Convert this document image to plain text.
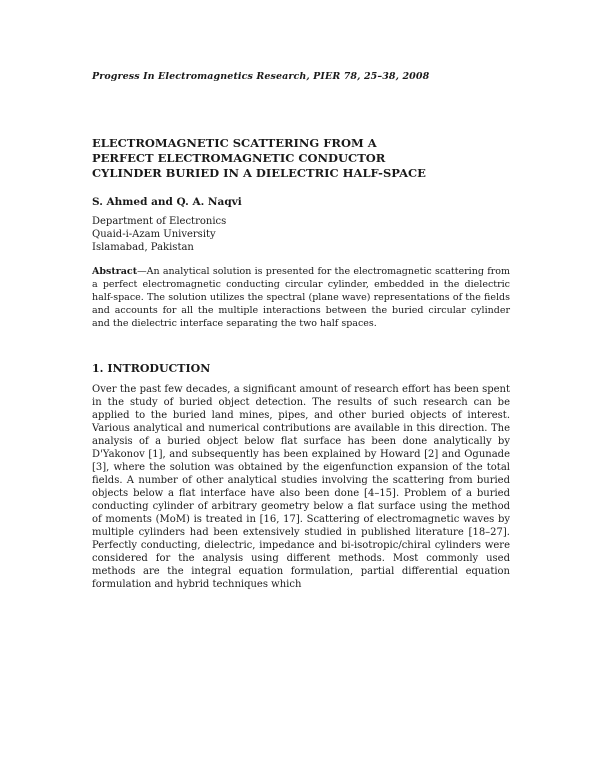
Progress In Electromagnetics Research, PIER 78, 25–38, 2008
ELECTROMAGNETIC SCATTERING FROM A
PERFECT ELECTROMAGNETIC CONDUCTOR
CYLINDER BURIED IN A DIELECTRIC HALF-SPACE
S. Ahmed and Q. A. Naqvi
Department of Electronics
Quaid-i-Azam University
Islamabad, Pakistan
Abstract—An analytical solution is presented for the electromagnetic scattering from a perfect electromagnetic conducting circular cylinder, embedded in the dielectric half-space. The solution utilizes the spectral (plane wave) representations of the fields and accounts for all the multiple interactions between the buried circular cylinder and the dielectric interface separating the two half spaces.
1. INTRODUCTION
Over the past few decades, a significant amount of research effort has been spent in the study of buried object detection. The results of such research can be applied to the buried land mines, pipes, and other buried objects of interest. Various analytical and numerical contributions are available in this direction. The analysis of a buried object below flat surface has been done analytically by D'Yakonov [1], and subsequently has been explained by Howard [2] and Ogunade [3], where the solution was obtained by the eigenfunction expansion of the total fields. A number of other analytical studies involving the scattering from buried objects below a flat interface have also been done [4–15]. Problem of a buried conducting cylinder of arbitrary geometry below a flat surface using the method of moments (MoM) is treated in [16, 17]. Scattering of electromagnetic waves by multiple cylinders had been extensively studied in published literature [18–27]. Perfectly conducting, dielectric, impedance and bi-isotropic/chiral cylinders were considered for the analysis using different methods. Most commonly used methods are the integral equation formulation, partial differential equation formulation and hybrid techniques which
